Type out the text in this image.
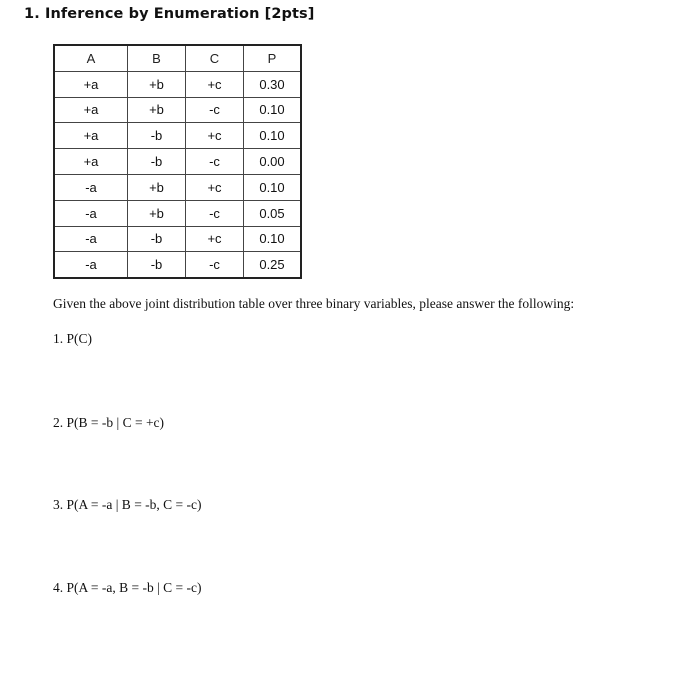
1. Inference by Enumeration [2pts]
A	B	C	P
+a	+b	+c	0.30
+a	+b	-c	0.10
+a	-b	+c	0.10
+a	-b	-c	0.00
-a	+b	+c	0.10
-a	+b	-c	0.05
-a	-b	+c	0.10
-a	-b	-c	0.25
Given the above joint distribution table over three binary variables, please answer the following:
1. P(C)
2. P(B = -b | C = +c)
3. P(A = -a | B = -b, C = -c)
4. P(A = -a, B = -b | C = -c)
